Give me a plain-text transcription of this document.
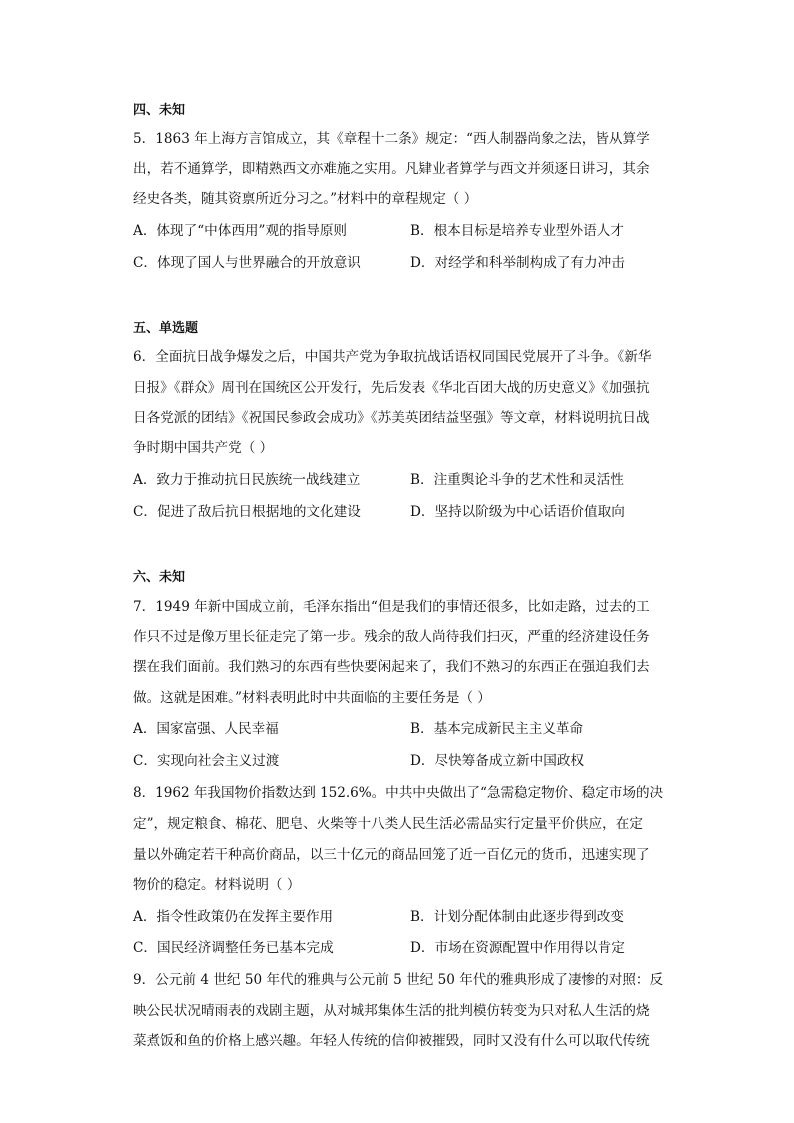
四、未知
5．1863 年上海方言馆成立，其《章程十二条》规定：“西人制器尚象之法，皆从算学
出，若不通算学，即精熟西文亦难施之实用。凡肄业者算学与西文并须逐日讲习，其余
经史各类，随其资禀所近分习之。”材料中的章程规定（ ）
A．体现了“中体西用”观的指导原则	B．根本目标是培养专业型外语人才
C．体现了国人与世界融合的开放意识	D．对经学和科举制构成了有力冲击
五、单选题
6．全面抗日战争爆发之后，中国共产党为争取抗战话语权同国民党展开了斗争。《新华
日报》《群众》周刊在国统区公开发行，先后发表《华北百团大战的历史意义》《加强抗
日各党派的团结》《祝国民参政会成功》《苏美英团结益坚强》等文章，材料说明抗日战
争时期中国共产党（ ）
A．致力于推动抗日民族统一战线建立	B．注重舆论斗争的艺术性和灵活性
C．促进了敌后抗日根据地的文化建设	D．坚持以阶级为中心话语价值取向
六、未知
7．1949 年新中国成立前，毛泽东指出“但是我们的事情还很多，比如走路，过去的工
作只不过是像万里长征走完了第一步。残余的敌人尚待我们扫灭，严重的经济建设任务
摆在我们面前。我们熟习的东西有些快要闲起来了，我们不熟习的东西正在强迫我们去
做。这就是困难。”材料表明此时中共面临的主要任务是（ ）
A．国家富强、人民幸福	B．基本完成新民主主义革命
C．实现向社会主义过渡	D．尽快筹备成立新中国政权
8．1962 年我国物价指数达到 152.6%。中共中央做出了“急需稳定物价、稳定市场的决
定”，规定粮食、棉花、肥皂、火柴等十八类人民生活必需品实行定量平价供应，在定
量以外确定若干种高价商品，以三十亿元的商品回笼了近一百亿元的货币，迅速实现了
物价的稳定。材料说明（ ）
A．指令性政策仍在发挥主要作用	B．计划分配体制由此逐步得到改变
C．国民经济调整任务已基本完成	D．市场在资源配置中作用得以肯定
9．公元前 4 世纪 50 年代的雅典与公元前 5 世纪 50 年代的雅典形成了凄惨的对照：反
映公民状况晴雨表的戏剧主题，从对城邦集体生活的批判模仿转变为只对私人生活的烧
菜煮饭和鱼的价格上感兴趣。年轻人传统的信仰被摧毁，同时又没有什么可以取代传统
